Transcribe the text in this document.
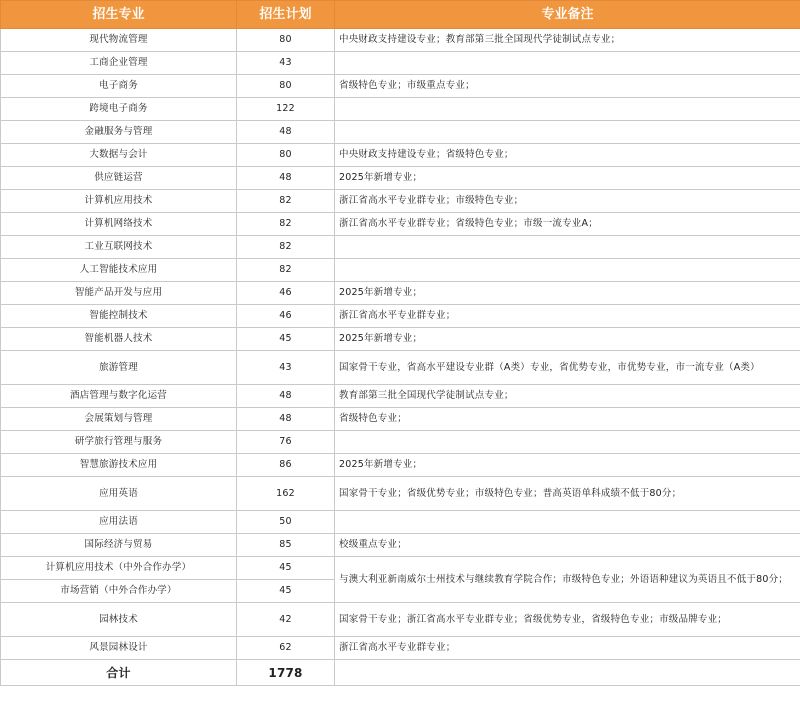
招生专业	招生计划	专业备注
现代物流管理	80	中央财政支持建设专业；教育部第三批全国现代学徒制试点专业；
工商企业管理	43	
电子商务	80	省级特色专业；市级重点专业；
跨境电子商务	122	
金融服务与管理	48	
大数据与会计	80	中央财政支持建设专业；省级特色专业；
供应链运营	48	2025年新增专业；
计算机应用技术	82	浙江省高水平专业群专业；市级特色专业；
计算机网络技术	82	浙江省高水平专业群专业；省级特色专业；市级一流专业A；
工业互联网技术	82	
人工智能技术应用	82	
智能产品开发与应用	46	2025年新增专业；
智能控制技术	46	浙江省高水平专业群专业；
智能机器人技术	45	2025年新增专业；
旅游管理	43	国家骨干专业，省高水平建设专业群（A类）专业，省优势专业，市优势专业，市一流专业（A类）
酒店管理与数字化运营	48	教育部第三批全国现代学徒制试点专业；
会展策划与管理	48	省级特色专业；
研学旅行管理与服务	76	
智慧旅游技术应用	86	2025年新增专业；
应用英语	162	国家骨干专业；省级优势专业；市级特色专业；普高英语单科成绩不低于80分；
应用法语	50	
国际经济与贸易	85	校级重点专业；
计算机应用技术（中外合作办学）	45	与澳大利亚新南威尔士州技术与继续教育学院合作；市级特色专业；外语语种建议为英语且不低于80分；
市场营销（中外合作办学）	45	
园林技术	42	国家骨干专业；浙江省高水平专业群专业；省级优势专业，省级特色专业；市级品牌专业；
风景园林设计	62	浙江省高水平专业群专业；
合计	1778	
